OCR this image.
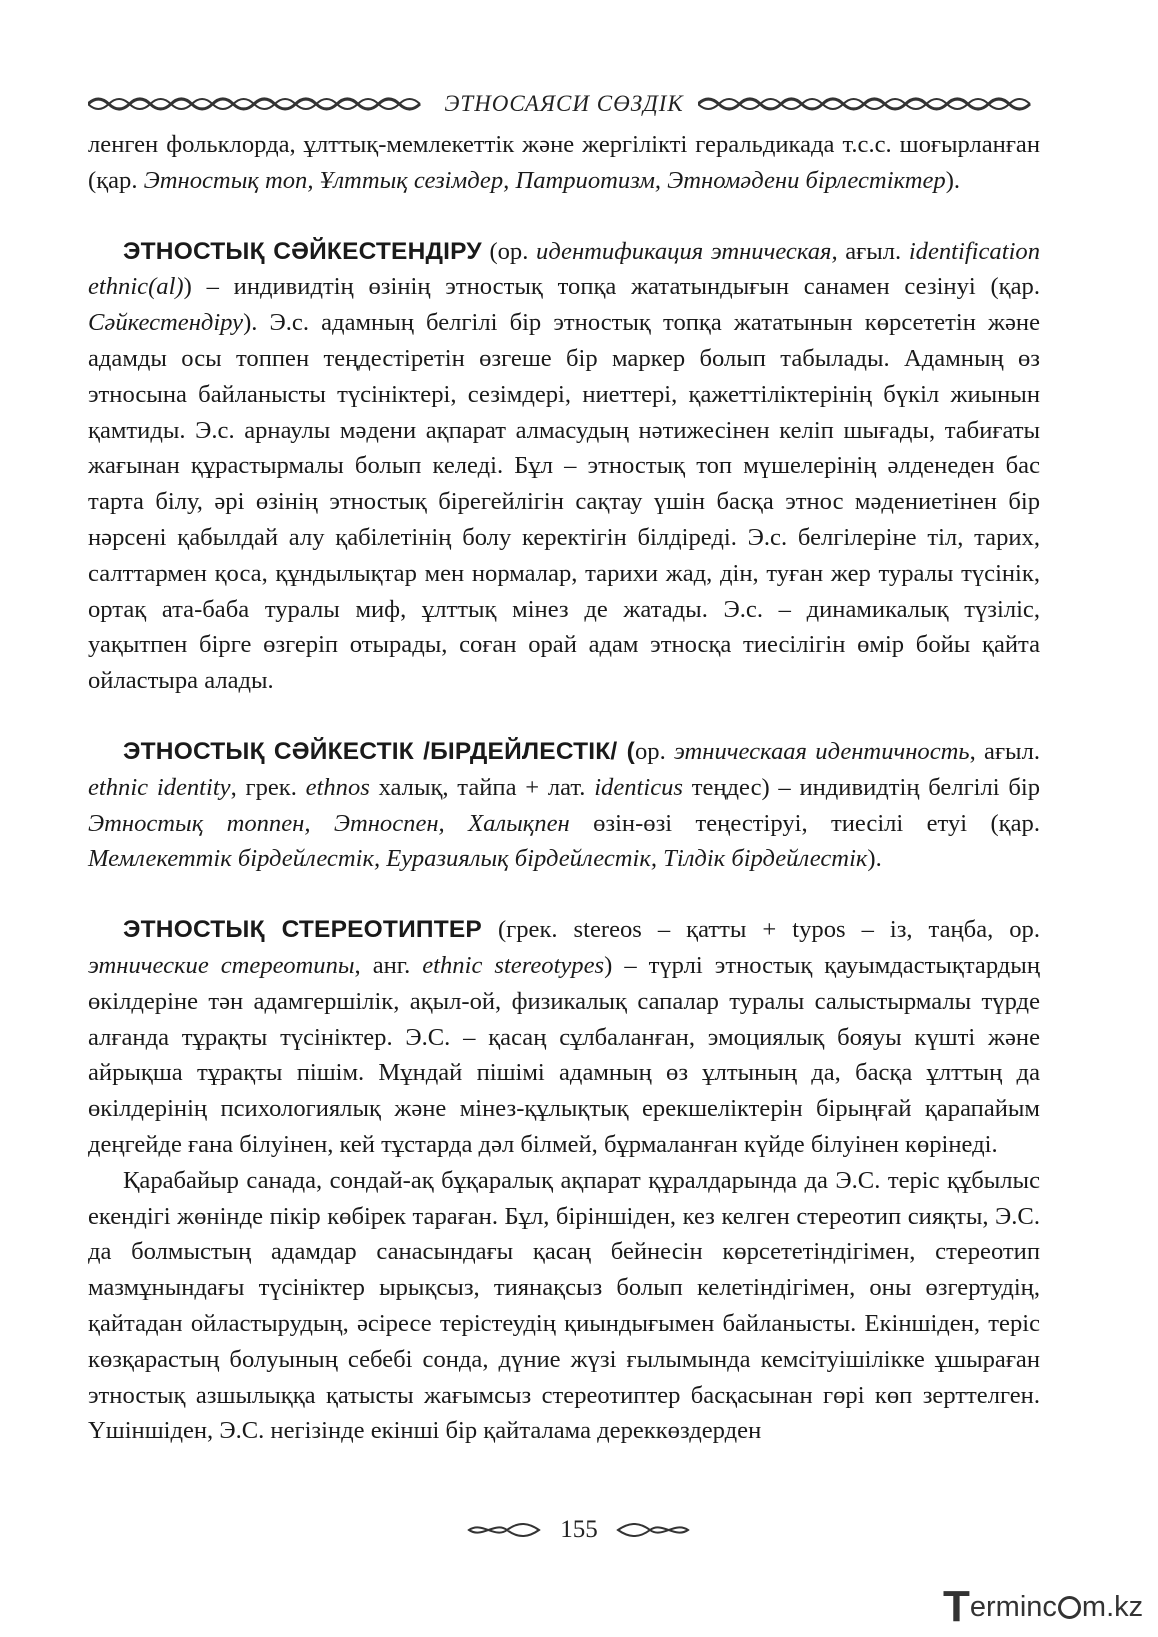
ЭТНОСАЯСИ СӨЗДІК

ленген фольклорда, ұлттық-мемлекеттік және жергілікті геральдикада т.с.с. шоғырланған (қар. Этностық топ, Ұлттық сезімдер, Патриотизм, Этномәдени бірлестіктер).

ЭТНОСТЫҚ СӘЙКЕСТЕНДІРУ (ор. идентификация этническая, ағыл. identification ethnic(al)) – индивидтің өзінің этностық топқа жататындығын санамен сезінуі (қар. Сәйкестендіру). Э.с. адамның белгілі бір этностық топқа жататынын көрсететін және адамды осы топпен теңдестіретін өзгеше бір маркер болып табылады. Адамның өз этносына байланысты түсініктері, сезімдері, ниеттері, қажеттіліктерінің бүкіл жиынын қамтиды. Э.с. арнаулы мәдени ақпарат алмасудың нәтижесінен келіп шығады, табиғаты жағынан құрастырмалы болып келеді. Бұл – этностық топ мүшелерінің әлденеден бас тарта білу, әрі өзінің этностық бірегейлігін сақтау үшін басқа этнос мәдениетінен бір нәрсені қабылдай алу қабілетінің болу керектігін білдіреді. Э.с. белгілеріне тіл, тарих, салттармен қоса, құндылықтар мен нормалар, тарихи жад, дін, туған жер туралы түсінік, ортақ ата-баба туралы миф, ұлттық мінез де жатады. Э.с. – динамикалық түзіліс, уақытпен бірге өзгеріп отырады, соған орай адам этносқа тиесілігін өмір бойы қайта ойластыра алады.

ЭТНОСТЫҚ СӘЙКЕСТІК /БІРДЕЙЛЕСТІК/ (ор. этническаая идентичность, ағыл. ethnic identity, грек. ethnos халық, тайпа + лат. identicus теңдес) – индивидтің белгілі бір Этностық топпен, Этноспен, Халықпен өзін-өзі теңестіруі, тиесілі етуі (қар. Мемлекеттік бірдейлестік, Еуразиялық бірдейлестік, Тілдік бірдейлестік).

ЭТНОСТЫҚ СТЕРЕОТИПТЕР (грек. stereos – қатты + typos – із, таңба, ор. этнические стереотипы, анг. ethnic stereotypes) – түрлі этностық қауымдастықтардың өкілдеріне тән адамгершілік, ақыл-ой, физикалық сапалар туралы салыстырмалы түрде алғанда тұрақты түсініктер. Э.С. – қасаң сұлбаланған, эмоциялық бояуы күшті және айрықша тұрақты пішім. Мұндай пішімі адамның өз ұлтының да, басқа ұлттың да өкілдерінің психологиялық және мінез-құлықтық ерекшеліктерін бірыңғай қарапайым деңгейде ғана білуінен, кей тұстарда дәл білмей, бұрмаланған күйде білуінен көрінеді.

Қарабайыр санада, сондай-ақ бұқаралық ақпарат құралдарында да Э.С. теріс құбылыс екендігі жөнінде пікір көбірек тараған. Бұл, біріншіден, кез келген стереотип сияқты, Э.С. да болмыстың адамдар санасындағы қасаң бейнесін көрсететіндігімен, стереотип мазмұнындағы түсініктер ырықсыз, тиянақсыз болып келетіндігімен, оны өзгертудің, қайтадан ойластырудың, әсіресе терістеудің қиындығымен байланысты. Екіншіден, теріс көзқарастың болуының себебі сонда, дүние жүзі ғылымында кемсітуішілікке ұшыраған этностық азшылыққа қатысты жағымсыз стереотиптер басқасынан гөрі көп зерттелген. Үшіншіден, Э.С. негізінде екінші бір қайталама дереккөздерден

155
T erminc m.kz
